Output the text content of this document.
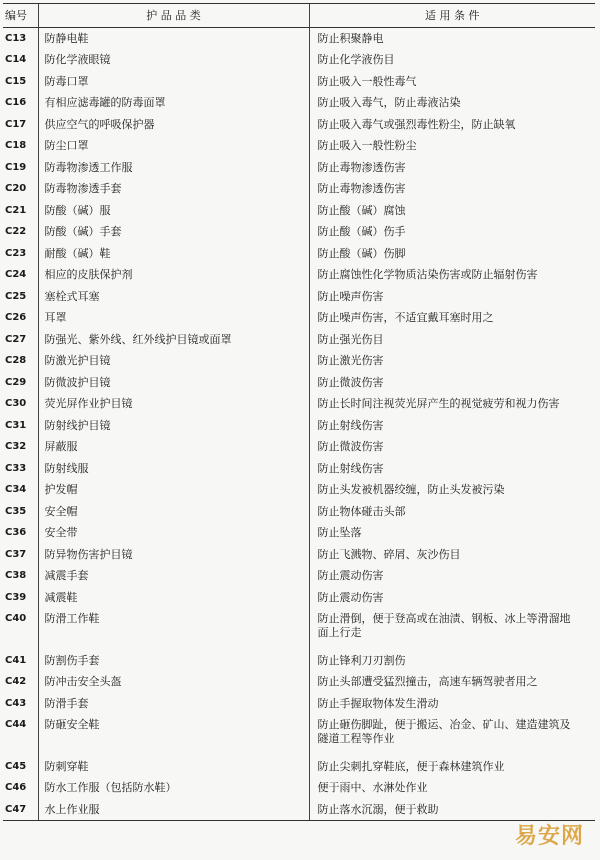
编号	护 品 品 类	适 用 条 件
C13	防静电鞋	防止积聚静电

C14	防化学液眼镜	防止化学液伤目

C15	防毒口罩	防止吸入一般性毒气

C16	有相应滤毒罐的防毒面罩	防止吸入毒气，防止毒液沾染

C17	供应空气的呼吸保护器	防止吸入毒气或强烈毒性粉尘，防止缺氧

C18	防尘口罩	防止吸入一般性粉尘

C19	防毒物渗透工作服	防止毒物渗透伤害

C20	防毒物渗透手套	防止毒物渗透伤害

C21	防酸（碱）服	防止酸（碱）腐蚀

C22	防酸（碱）手套	防止酸（碱）伤手

C23	耐酸（碱）鞋	防止酸（碱）伤脚

C24	相应的皮肤保护剂	防止腐蚀性化学物质沾染伤害或防止辐射伤害

C25	塞栓式耳塞	防止噪声伤害

C26	耳罩	防止噪声伤害，不适宜戴耳塞时用之

C27	防强光、紫外线、红外线护目镜或面罩	防止强光伤目

C28	防激光护目镜	防止激光伤害

C29	防微波护目镜	防止微波伤害

C30	荧光屏作业护目镜	防止长时间注视荧光屏产生的视觉疲劳和视力伤害

C31	防射线护目镜	防止射线伤害

C32	屏蔽服	防止微波伤害

C33	防射线服	防止射线伤害

C34	护发帽	防止头发被机器绞缠，防止头发被污染

C35	安全帽	防止物体碰击头部

C36	安全带	防止坠落

C37	防异物伤害护目镜	防止飞溅物、碎屑、灰沙伤目

C38	减震手套	防止震动伤害

C39	减震鞋	防止震动伤害

C40	防滑工作鞋	防止滑倒，便于登高或在油渍、钢板、冰上等滑溜地
面上行走

C41	防割伤手套	防止锋利刀刃割伤

C42	防冲击安全头盔	防止头部遭受猛烈撞击，高速车辆驾驶者用之

C43	防滑手套	防止手握取物体发生滑动

C44	防砸安全鞋	防止砸伤脚趾，便于搬运、冶金、矿山、建造建筑及
隧道工程等作业

C45	防刺穿鞋	防止尖刺扎穿鞋底，便于森林建筑作业

C46	防水工作服（包括防水鞋）	便于雨中、水淋处作业

C47	水上作业服	防止落水沉溺，便于救助
易安网
